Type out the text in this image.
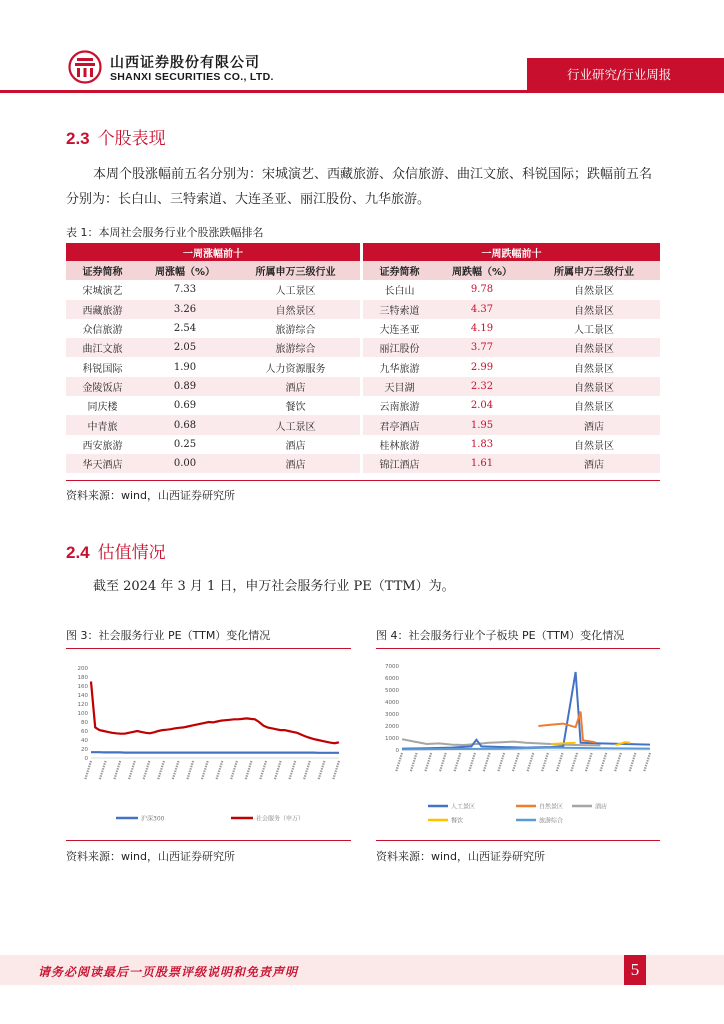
山西证券股份有限公司
SHANXI SECURITIES CO., LTD.	行业研究/行业周报
2.3 个股表现

本周个股涨幅前五名分别为：宋城演艺、西藏旅游、众信旅游、曲江文旅、科锐国际；跌幅前五名分别为：长白山、三特索道、大连圣亚、丽江股份、九华旅游。

表 1：本周社会服务行业个股涨跌幅排名
一周涨幅前十				一周跌幅前十		
证券简称	周涨幅（%）	所属申万三级行业		证券简称	周跌幅（%）	所属申万三级行业
宋城演艺	7.33	人工景区		长白山	9.78	自然景区
西藏旅游	3.26	自然景区		三特索道	4.37	自然景区
众信旅游	2.54	旅游综合		大连圣亚	4.19	人工景区
曲江文旅	2.05	旅游综合		丽江股份	3.77	自然景区
科锐国际	1.90	人力资源服务		九华旅游	2.99	自然景区
金陵饭店	0.89	酒店		天目湖	2.32	自然景区
同庆楼	0.69	餐饮		云南旅游	2.04	自然景区
中青旅	0.68	人工景区		君亭酒店	1.95	酒店
西安旅游	0.25	酒店		桂林旅游	1.83	自然景区
华天酒店	0.00	酒店		锦江酒店	1.61	酒店
资料来源：wind，山西证券研究所
2.4 估值情况

截至 2024 年 3 月 1 日，申万社会服务行业 PE（TTM）为。

图 3：社会服务行业 PE（TTM）变化情况
200
180
160
140
120
100
80
60
40
20
0
沪深300	社会服务（申万）
资料来源：wind，山西证券研究所
图 4：社会服务行业个子板块 PE（TTM）变化情况
7000
6000
5000
4000
3000
2000
1000
0
人工景区	自然景区	酒店
餐饮	旅游综合
资料来源：wind，山西证券研究所
请务必阅读最后一页股票评级说明和免责声明	5
